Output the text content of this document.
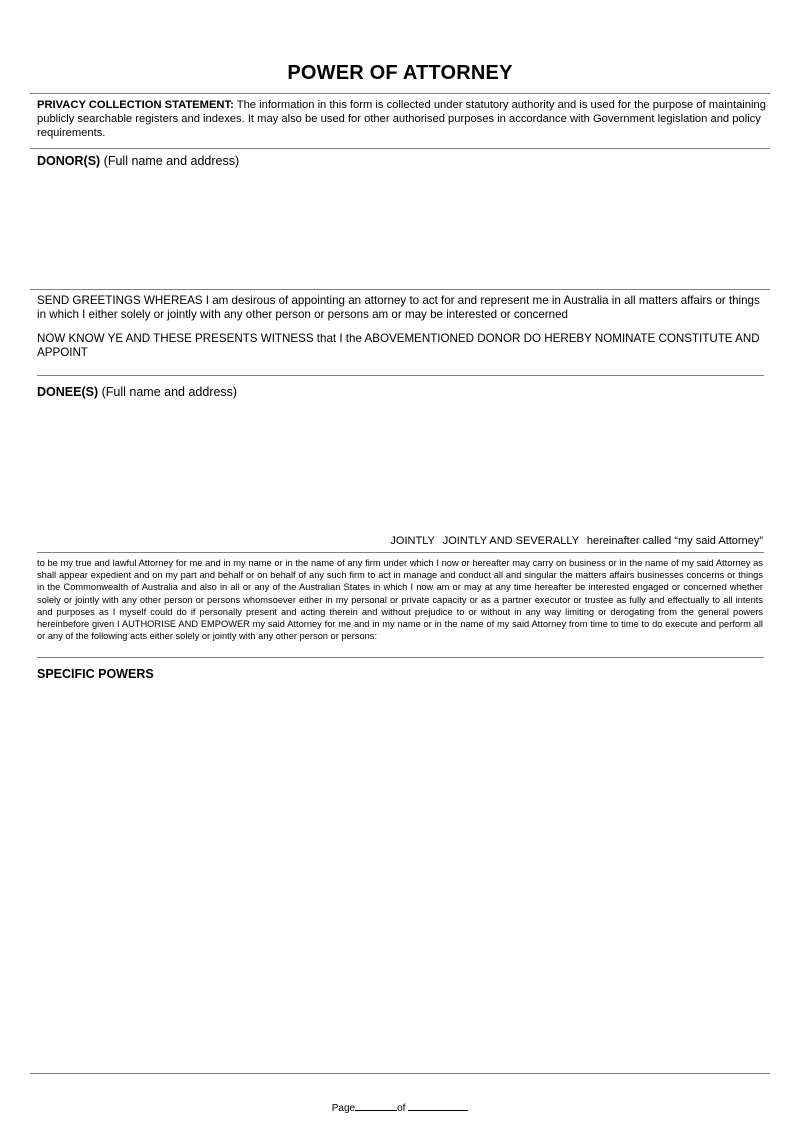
POWER OF ATTORNEY
PRIVACY COLLECTION STATEMENT: The information in this form is collected under statutory authority and is used for the purpose of maintaining publicly searchable registers and indexes. It may also be used for other authorised purposes in accordance with Government legislation and policy requirements.
DONOR(S) (Full name and address)
SEND GREETINGS WHEREAS I am desirous of appointing an attorney to act for and represent me in Australia in all matters affairs or things in which I either solely or jointly with any other person or persons am or may be interested or concerned
NOW KNOW YE AND THESE PRESENTS WITNESS that I the ABOVEMENTIONED DONOR DO HEREBY NOMINATE CONSTITUTE AND APPOINT
DONEE(S) (Full name and address)
JOINTLY JOINTLY AND SEVERALLY hereinafter called “my said Attorney”
to be my true and lawful Attorney for me and in my name or in the name of any firm under which I now or hereafter may carry on business or in the name of my said Attorney as shall appear expedient and on my part and behalf or on behalf of any such firm to act in manage and conduct all and singular the matters affairs businesses concerns or things in the Commonwealth of Australia and also in all or any of the Australian States in which I now am or may at any time hereafter be interested engaged or concerned whether solely or jointly with any other person or persons whomsoever either in my personal or private capacity or as a partner executor or trustee as fully and effectually to all intents and purposes as I myself could do if personally present and acting therein and without prejudice to or without in any way limiting or derogating from the general powers hereinbefore given I AUTHORISE AND EMPOWER my said Attorney for me and in my name or in the name of my said Attorney from time to time to do execute and perform all or any of the following acts either solely or jointly with any other person or persons:
SPECIFIC POWERS
Page	of
